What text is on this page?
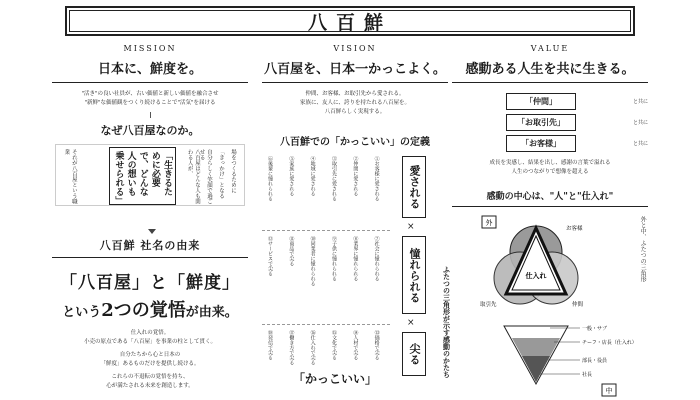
八百鮮
MISSION
日本に、鮮度を。
"活き"の良い社員が、古い価値と新しい価値を融合させ
"新鮮"な価値観をつくり続けることで"活気"を届ける
なぜ八百屋なのか。
「生きるために必要で、どんな人の想いも乗せられる」	八百屋はどんな人も関わる人が、	自分らしく笑顔で過ごせる	「きっかけ」となる 場をつくるために
それが八百屋という職業
八百鮮 社名の由来
「八百屋」と「鮮度」
という2つの覚悟が由来。
仕入れの覚悟。
小売の原点である「八百屋」を事業の柱として貫く。
自分たちから心と日本の
「鮮度」あるものだけを提供し続ける。
これらの不退転の覚悟を持ち、
心が満たされる未来を創造します。
VISION
八百屋を、日本一かっこよく。
仲間、お客様、お取引先から愛される。
家族に、友人に、誇りを持たれる八百屋を。
八百鮮らしく実現する。
八百鮮での「かっこいい」の定義
①お客様に愛される
②仲間に愛される
③取引先に愛される
④地域に愛される
⑤家族に愛される
⑥後輩に憧れられる
⑦社会に憧れられる
⑧業界に憧れられる
⑨子供に憧れられる
⑩同業者に憧れられる
⑪商品で尖る
⑫サービスで尖る
⑬価格で尖る
⑭人材で尖る
⑮文化で尖る
⑯仕入れで尖る
⑰働き方で尖る
⑱発信で尖る
愛される
×
憧れられる
×
尖る
「かっこいい」
VALUE
感動ある人生を共に生きる。
「仲間」	と共に
「お取引先」	と共に
「お客様」	と共に
成長を実感し、結果を出し、感謝の言葉で溢れる
人生のつながりで想像を超える
感動の中心は、"人"と"仕入れ"
外
仕入れ
お客様
取引先	仲間
一般・サブ
チーフ・店長（仕入れ）
部長・役員
社長
中
外と中、ふたつの三角形
ふたつの三角形が示す感動のかたち
